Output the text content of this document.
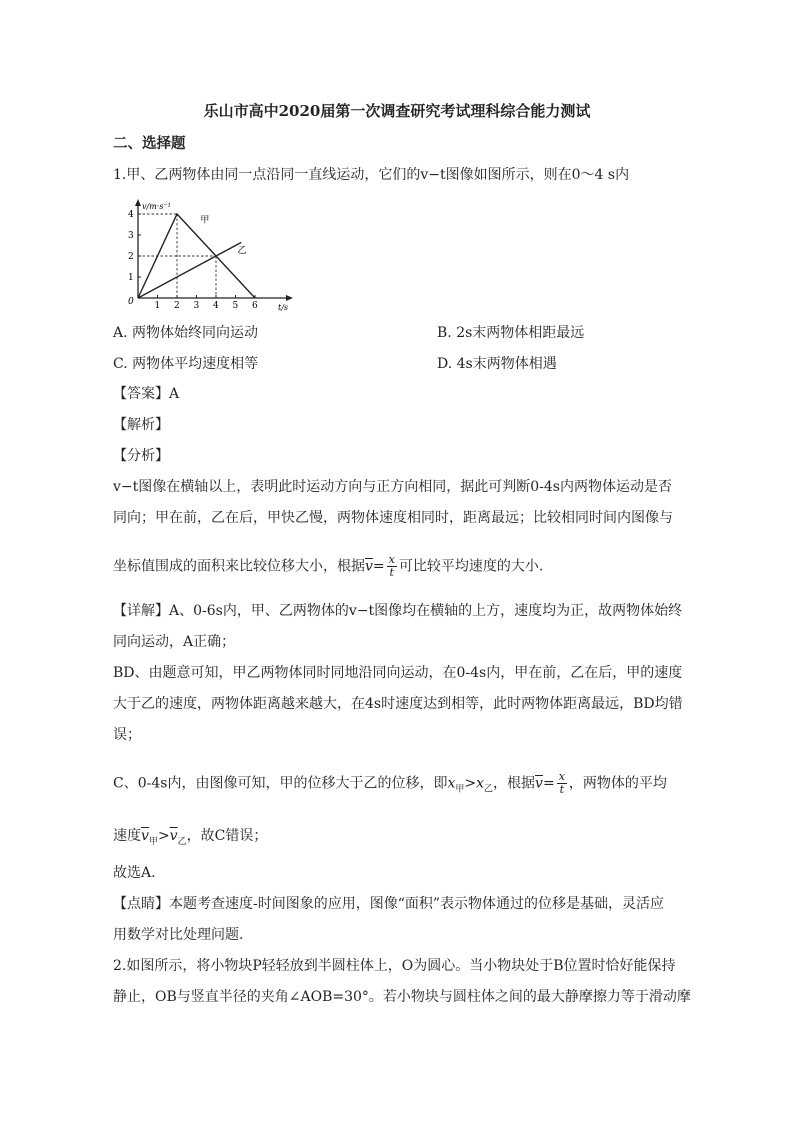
乐山市高中2020届第一次调查研究考试理科综合能力测试
二、选择题
1.甲、乙两物体由同一点沿同一直线运动，它们的v−t图像如图所示，则在0～4 s内
1 2 3 4 5 6
1
2
3
4
v/m·s⁻¹
t/s
0
甲
乙
A. 两物体始终同向运动	B. 2s末两物体相距最远
C. 两物体平均速度相等	D. 4s末两物体相遇
【答案】A
【解析】
【分析】
v−t图像在横轴以上，表明此时运动方向与正方向相同，据此可判断0-4s内两物体运动是否
同向；甲在前，乙在后，甲快乙慢，两物体速度相同时，距离最远；比较相同时间内图像与
坐标值围成的面积来比较位移大小，根据$\overline{v}= \frac{x}{t}$ 可比较平均速度的大小.
【详解】A、0-6s内，甲、乙两物体的v−t图像均在横轴的上方，速度均为正，故两物体始终
同向运动，A正确；
BD、由题意可知，甲乙两物体同时同地沿同向运动，在0-4s内，甲在前，乙在后，甲的速度
大于乙的速度，两物体距离越来越大，在4s时速度达到相等，此时两物体距离最远，BD均错
误；
C、0-4s内，由图像可知，甲的位移大于乙的位移，即$x_甲>x_乙$，根据$\overline{v}= \frac{x}{t}$ ，两物体的平均
速度$\overline{v}_甲>\overline{v}_乙$，故C错误；
故选A.
【点睛】本题考查速度-时间图象的应用，图像“面积”表示物体通过的位移是基础，灵活应
用数学对比处理问题.
2.如图所示，将小物块P轻轻放到半圆柱体上，O为圆心。当小物块处于B位置时恰好能保持
静止，OB与竖直半径的夹角∠AOB=30°。若小物块与圆柱体之间的最大静摩擦力等于滑动摩
